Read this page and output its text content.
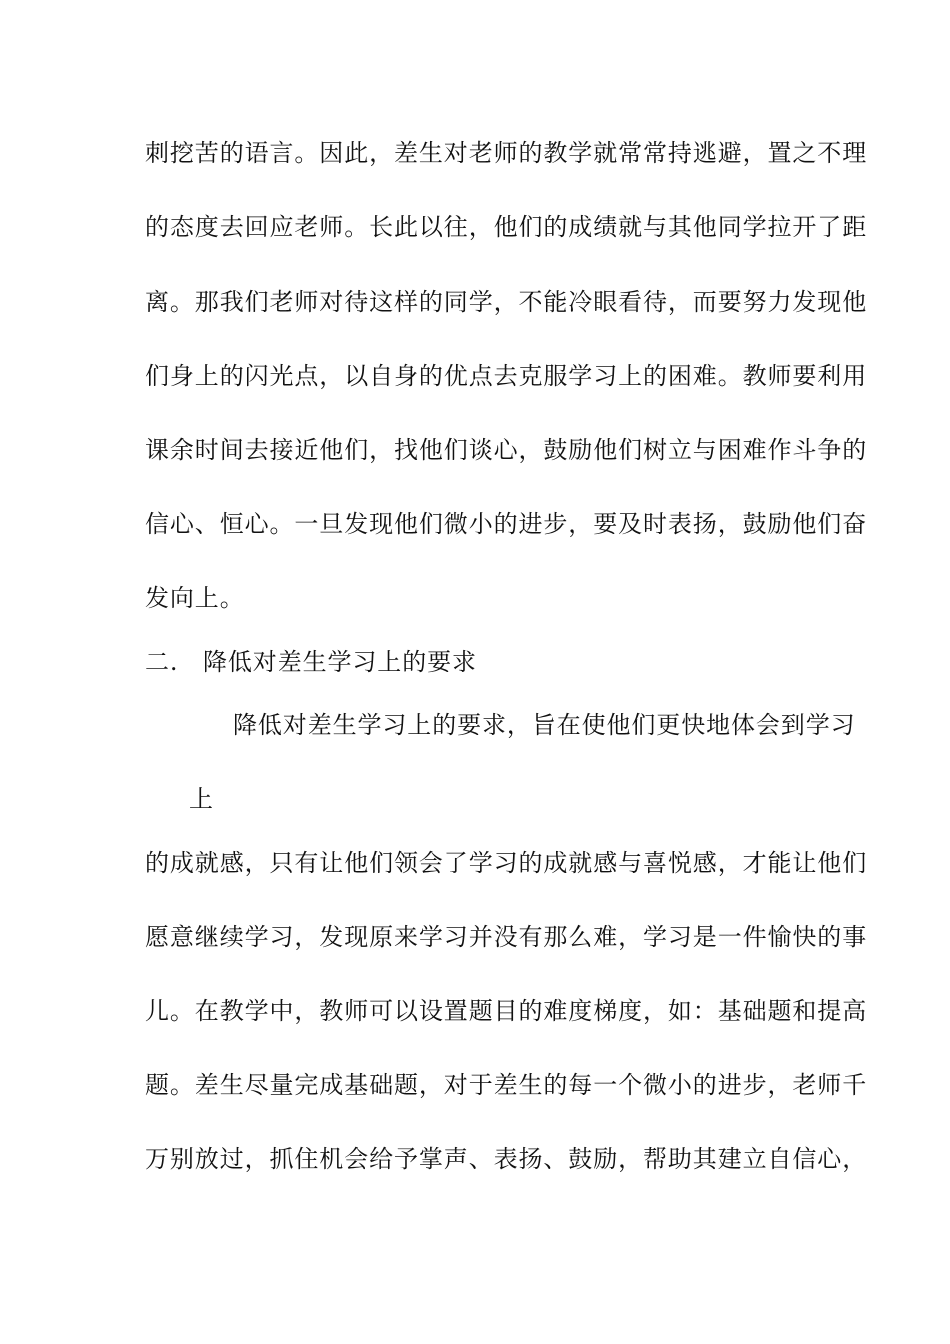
刺挖苦的语言。因此，差生对老师的教学就常常持逃避，置之不理
的态度去回应老师。长此以往，他们的成绩就与其他同学拉开了距
离。那我们老师对待这样的同学，不能冷眼看待，而要努力发现他
们身上的闪光点，以自身的优点去克服学习上的困难。教师要利用
课余时间去接近他们，找他们谈心，鼓励他们树立与困难作斗争的
信心、恒心。一旦发现他们微小的进步，要及时表扬，鼓励他们奋
发向上。
二. 降低对差生学习上的要求
降低对差生学习上的要求，旨在使他们更快地体会到学习
上
的成就感，只有让他们领会了学习的成就感与喜悦感，才能让他们
愿意继续学习，发现原来学习并没有那么难，学习是一件愉快的事
儿。在教学中，教师可以设置题目的难度梯度，如：基础题和提高
题。差生尽量完成基础题，对于差生的每一个微小的进步，老师千
万别放过，抓住机会给予掌声、表扬、鼓励，帮助其建立自信心，
